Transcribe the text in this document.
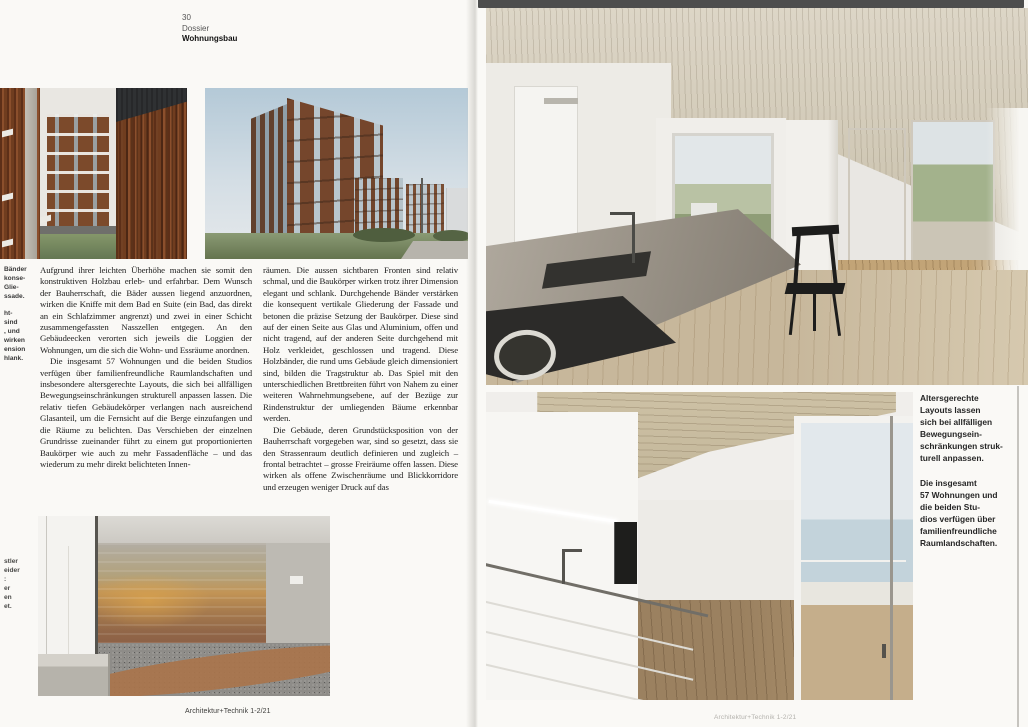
30
Dossier
Wohnungsbau
Bänder
konse-
Glie-
ssade.
ht-
sind
, und
wirken
ension
hlank.
stler
eider
:
er
en
et.

Aufgrund ihrer leichten Überhöhe machen sie somit den konstruktiven Holzbau erleb- und erfahrbar. Dem Wunsch der Bauherrschaft, die Bäder aussen liegend anzuordnen, wirken die Kniffe mit dem Bad en Suite (ein Bad, das direkt an ein Schlafzimmer angrenzt) und zwei in einer Schicht zusammengefassten Nasszellen entgegen. An den Gebäudeecken verorten sich jeweils die Loggien der Wohnungen, um die sich die Wohn- und Essräume anordnen.

Die insgesamt 57 Wohnungen und die beiden Studios verfügen über familienfreundliche Raumlandschaften und insbesondere altersgerechte Layouts, die sich bei allfälligen Bewegungseinschränkungen strukturell anpassen lassen. Die relativ tiefen Gebäudekörper verlangen nach ausreichend Glasanteil, um die Fernsicht auf die Berge einzufangen und die Räume zu belichten. Das Verschieben der einzelnen Grundrisse zueinander führt zu einem gut proportionierten Baukörper wie auch zu mehr Fassadenfläche – und das wiederum zu mehr direkt belichteten Innen-

räumen. Die aussen sichtbaren Fronten sind relativ schmal, und die Baukörper wirken trotz ihrer Dimension elegant und schlank. Durchgehende Bänder verstärken die konsequent vertikale Gliederung der Fassade und betonen die präzise Setzung der Baukörper. Diese sind auf der einen Seite aus Glas und Aluminium, offen und nicht tragend, auf der anderen Seite durchgehend mit Holz verkleidet, geschlossen und tragend. Diese Holzbänder, die rund ums Gebäude gleich dimensioniert sind, bilden die Tragstruktur ab. Das Spiel mit den unterschiedlichen Brettbreiten führt von Nahem zu einer weiteren Wahrnehmungsebene, auf der Bezüge zur Rindenstruktur der umliegenden Bäume erkennbar werden.

Die Gebäude, deren Grundstücksposition von der Bauherrschaft vorgegeben war, sind so gesetzt, dass sie den Strassenraum deutlich definieren und zugleich – frontal betrachtet – grosse Freiräume offen lassen. Diese wirken als offene Zwischenräume und Blickkorridore und erzeugen weniger Druck auf das

Architektur+Technik 1-2/21
Altersgerechte
Layouts lassen
sich bei allfälligen
Bewegungsein-
schränkungen struk-
turell anpassen.
Die insgesamt
57 Wohnungen und
die beiden Stu-
dios verfügen über
familienfreundliche
Raumlandschaften.
Architektur+Technik 1-2/21
